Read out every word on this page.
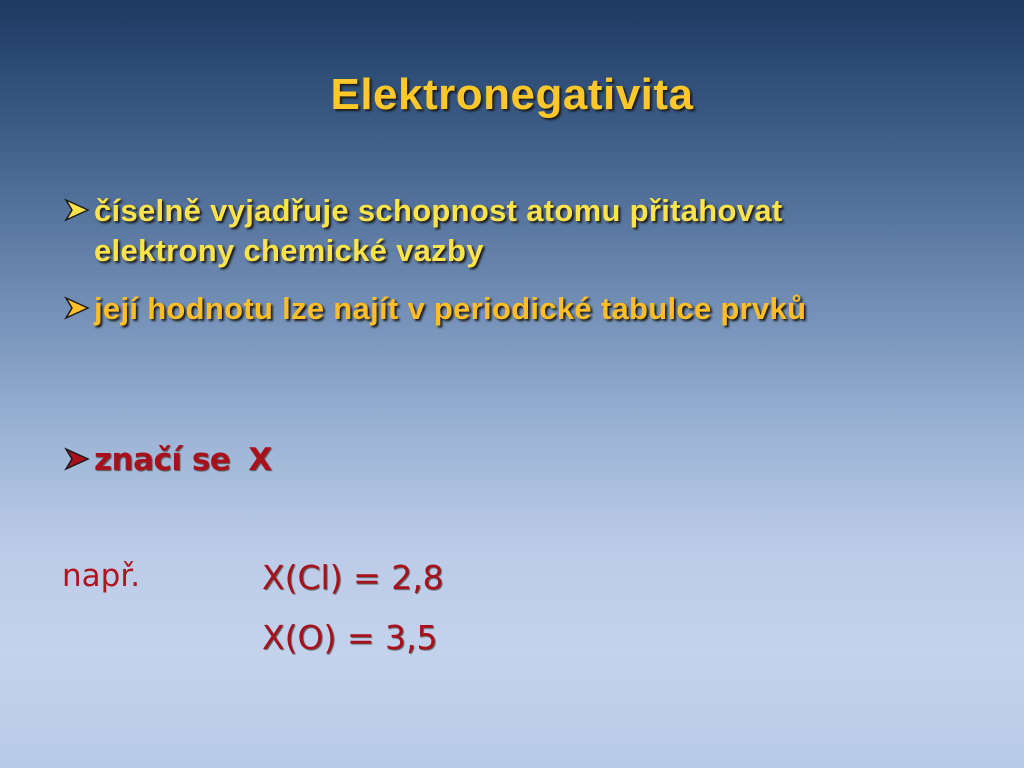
Elektronegativita
číselně vyjadřuje schopnost atomu přitahovat elektrony chemické vazby
její hodnotu lze najít v periodické tabulce prvků
značí se X
např.	X(Cl) = 2,8
X(O) = 3,5
